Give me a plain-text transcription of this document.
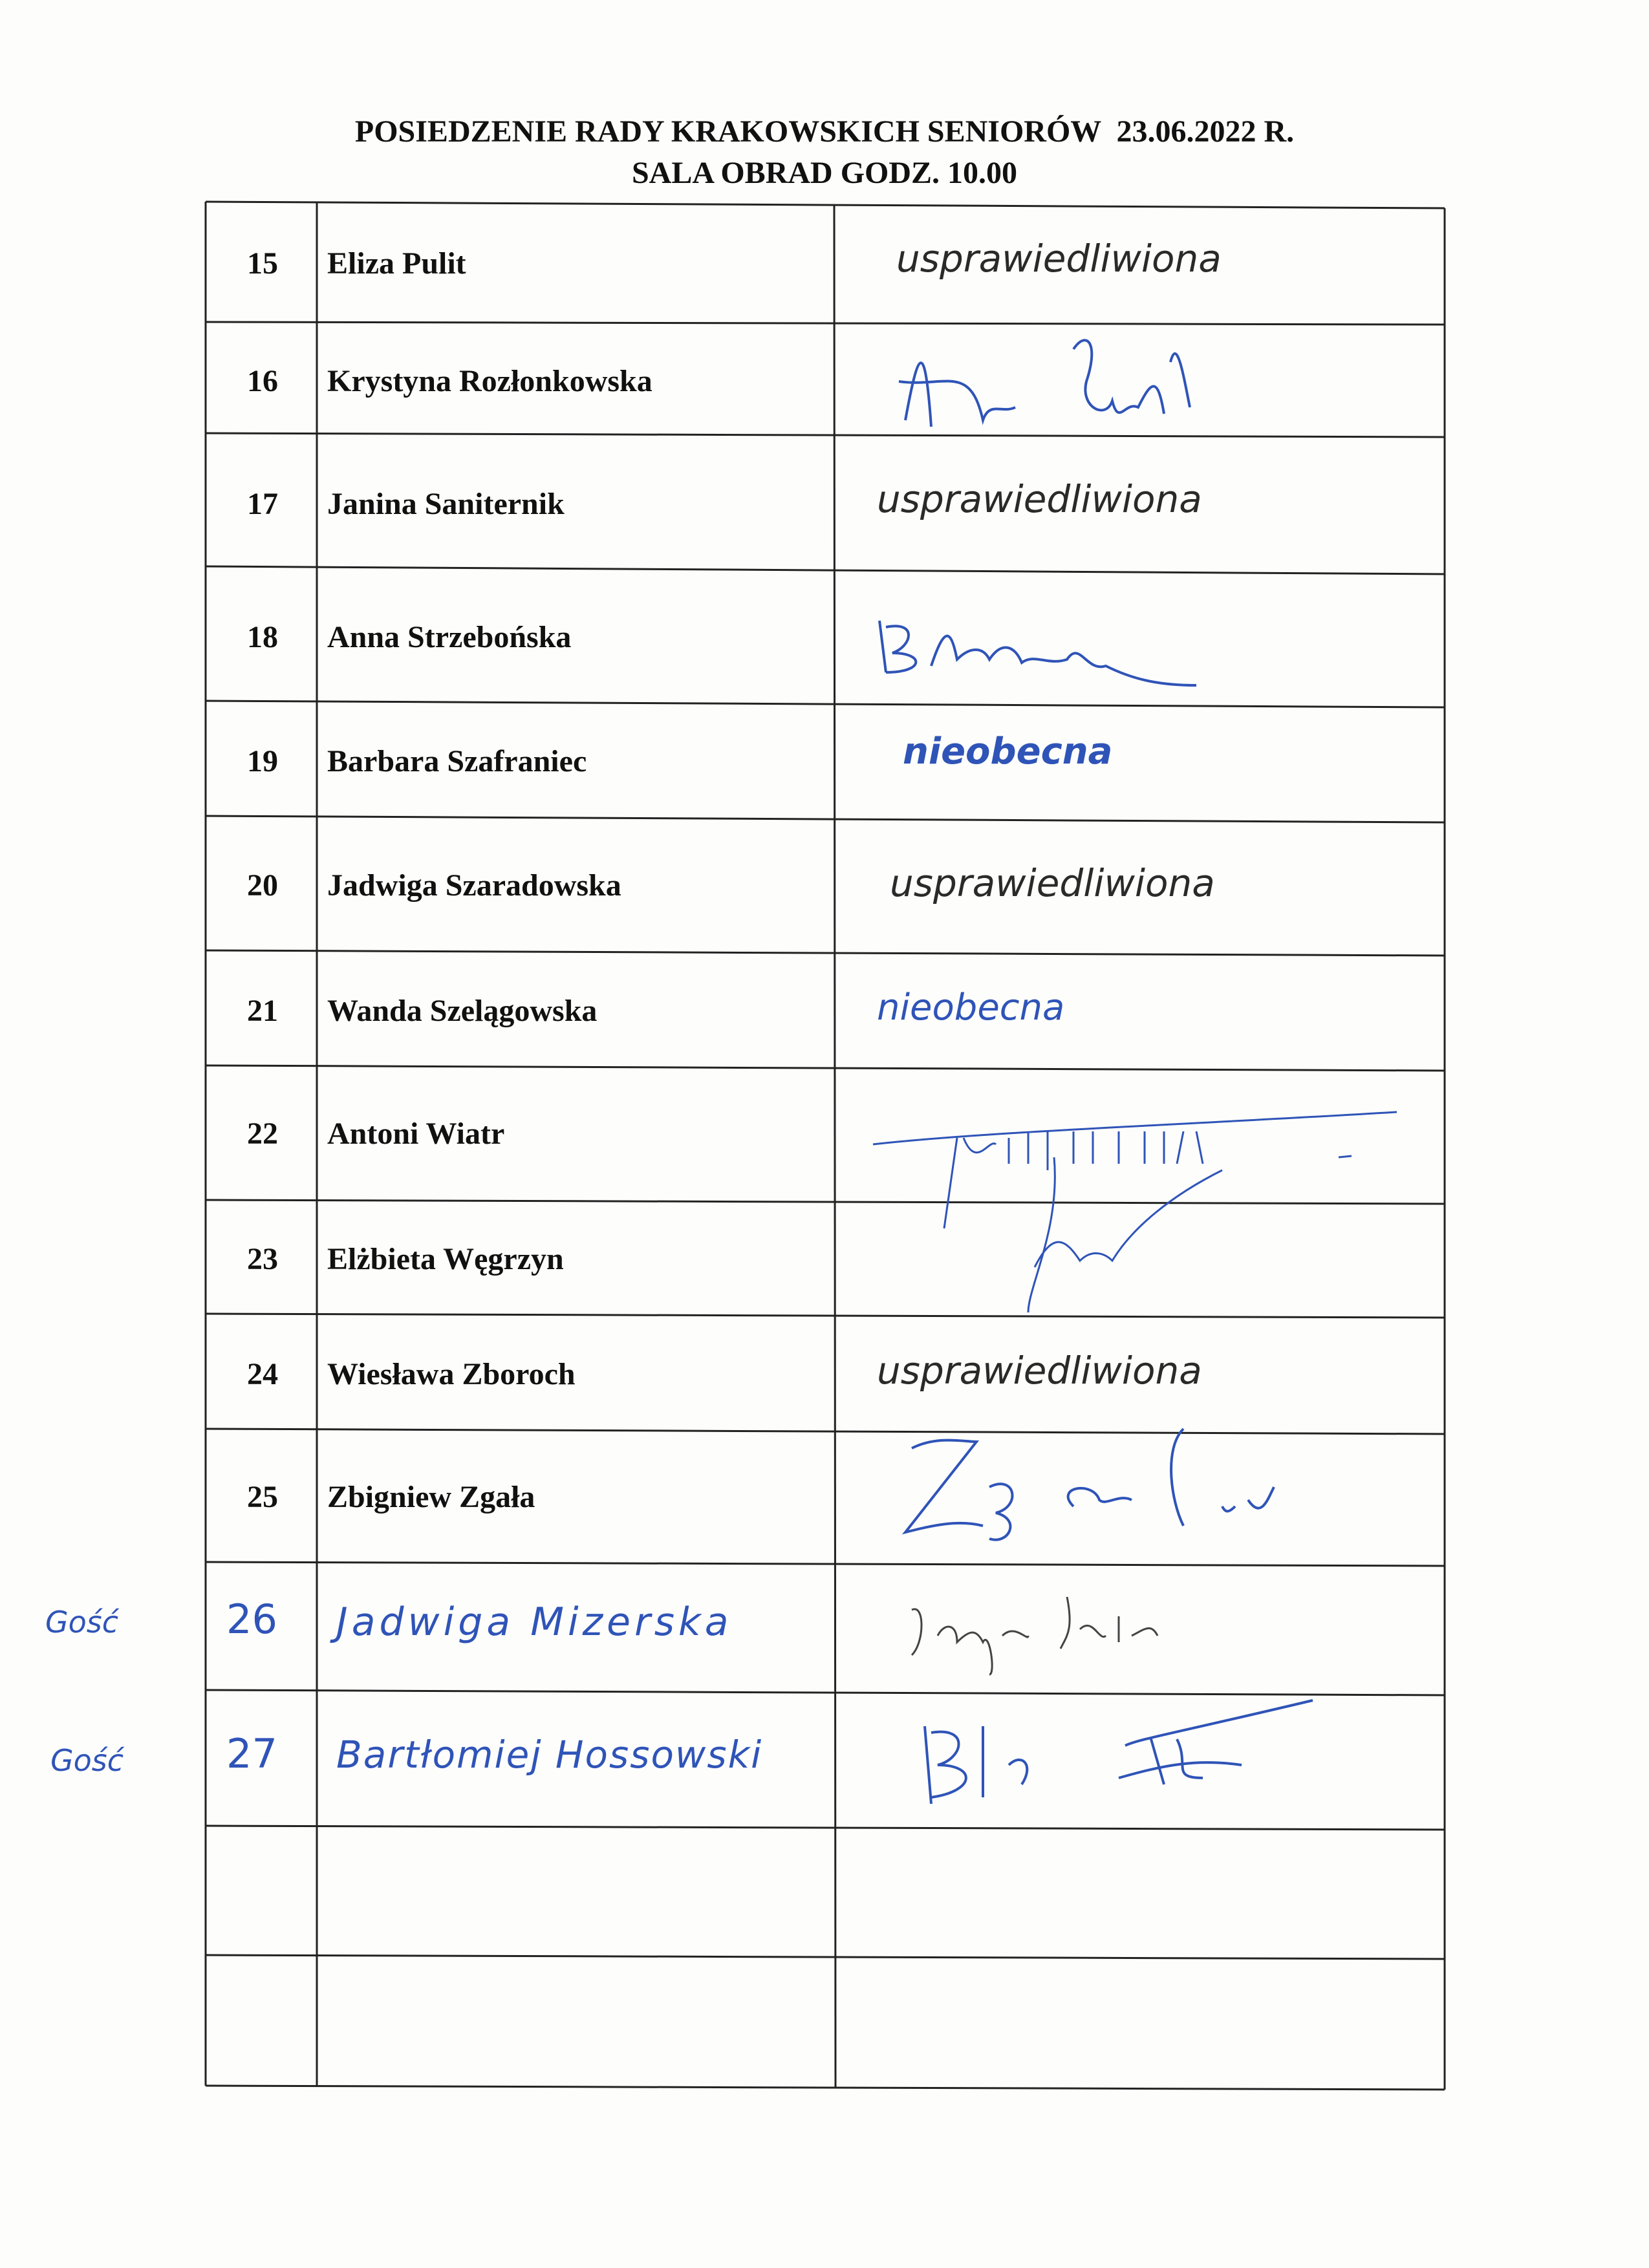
POSIEDZENIE RADY KRAKOWSKICH SENIORÓW  23.06.2022 R.
SALA OBRAD GODZ. 10.00
15
16
17
18
19
20
21
22
23
24
25
26
27
Eliza Pulit
Krystyna Rozłonkowska
Janina Saniternik
Anna Strzebońska
Barbara Szafraniec
Jadwiga Szaradowska
Wanda Szelągowska
Antoni Wiatr
Elżbieta Węgrzyn
Wiesława Zboroch
Zbigniew Zgała
Jadwiga Mizerska
Bartłomiej Hossowski
Gość
Gość
usprawiedliwiona
usprawiedliwiona
nieobecna
usprawiedliwiona
nieobecna
usprawiedliwiona
